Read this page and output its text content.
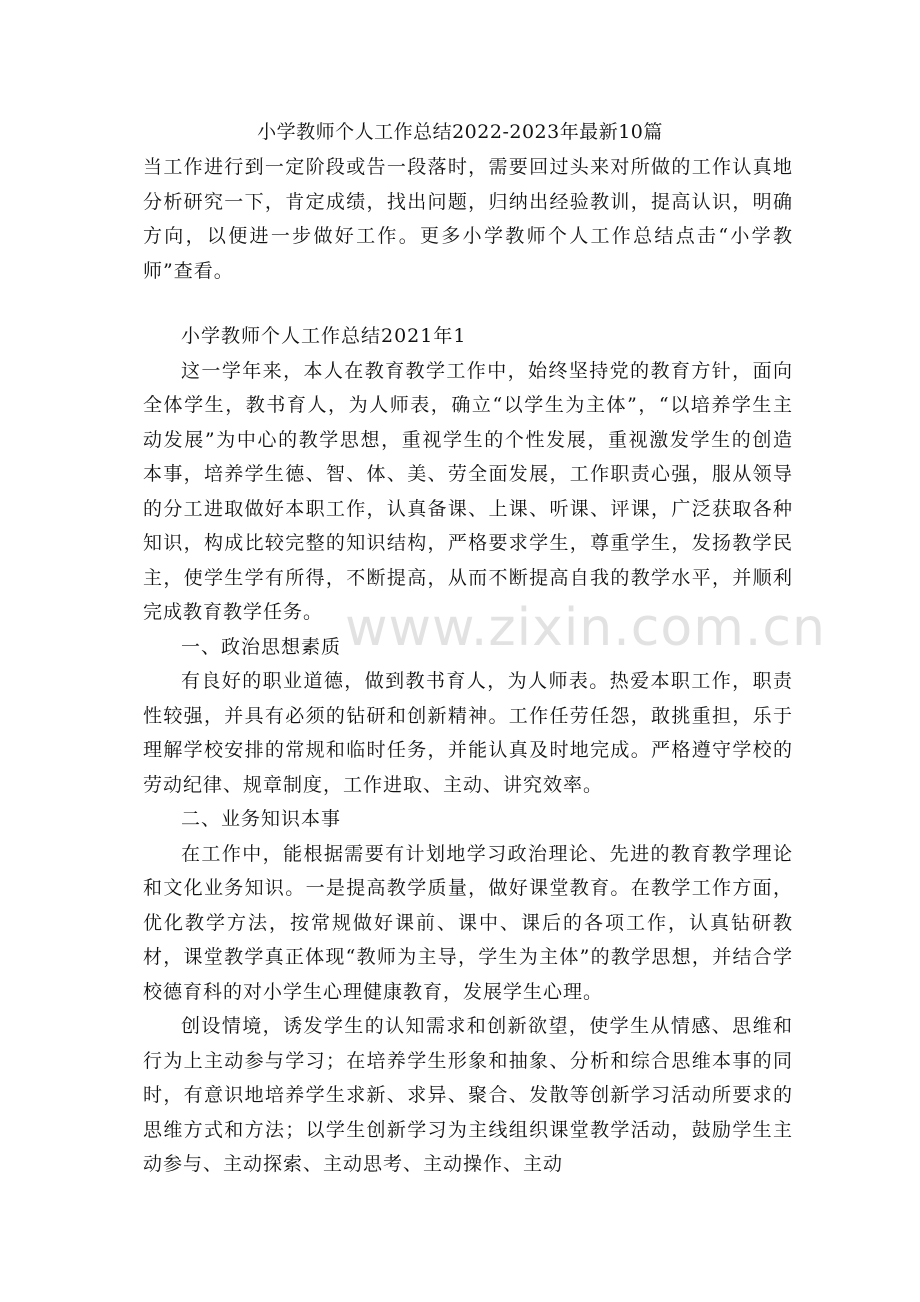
小学教师个人工作总结2022-2023年最新10篇

当工作进行到一定阶段或告一段落时，需要回过头来对所做的工作认真地分析研究一下，肯定成绩，找出问题，归纳出经验教训，提高认识，明确方向，以便进一步做好工作。更多小学教师个人工作总结点击“小学教师”查看。

小学教师个人工作总结2021年1

这一学年来，本人在教育教学工作中，始终坚持党的教育方针，面向全体学生，教书育人，为人师表，确立“以学生为主体”，“以培养学生主动发展”为中心的教学思想，重视学生的个性发展，重视激发学生的创造本事，培养学生德、智、体、美、劳全面发展，工作职责心强，服从领导的分工进取做好本职工作，认真备课、上课、听课、评课，广泛获取各种知识，构成比较完整的知识结构，严格要求学生，尊重学生，发扬教学民主，使学生学有所得，不断提高，从而不断提高自我的教学水平，并顺利完成教育教学任务。

一、政治思想素质

有良好的职业道德，做到教书育人，为人师表。热爱本职工作，职责性较强，并具有必须的钻研和创新精神。工作任劳任怨，敢挑重担，乐于理解学校安排的常规和临时任务，并能认真及时地完成。严格遵守学校的劳动纪律、规章制度，工作进取、主动、讲究效率。

二、业务知识本事

在工作中，能根据需要有计划地学习政治理论、先进的教育教学理论和文化业务知识。一是提高教学质量，做好课堂教育。在教学工作方面，优化教学方法，按常规做好课前、课中、课后的各项工作，认真钻研教材，课堂教学真正体现“教师为主导，学生为主体”的教学思想，并结合学校德育科的对小学生心理健康教育，发展学生心理。

创设情境，诱发学生的认知需求和创新欲望，使学生从情感、思维和行为上主动参与学习；在培养学生形象和抽象、分析和综合思维本事的同时，有意识地培养学生求新、求异、聚合、发散等创新学习活动所要求的思维方式和方法；以学生创新学习为主线组织课堂教学活动，鼓励学生主动参与、主动探索、主动思考、主动操作、主动

www.zixin.com.cn
